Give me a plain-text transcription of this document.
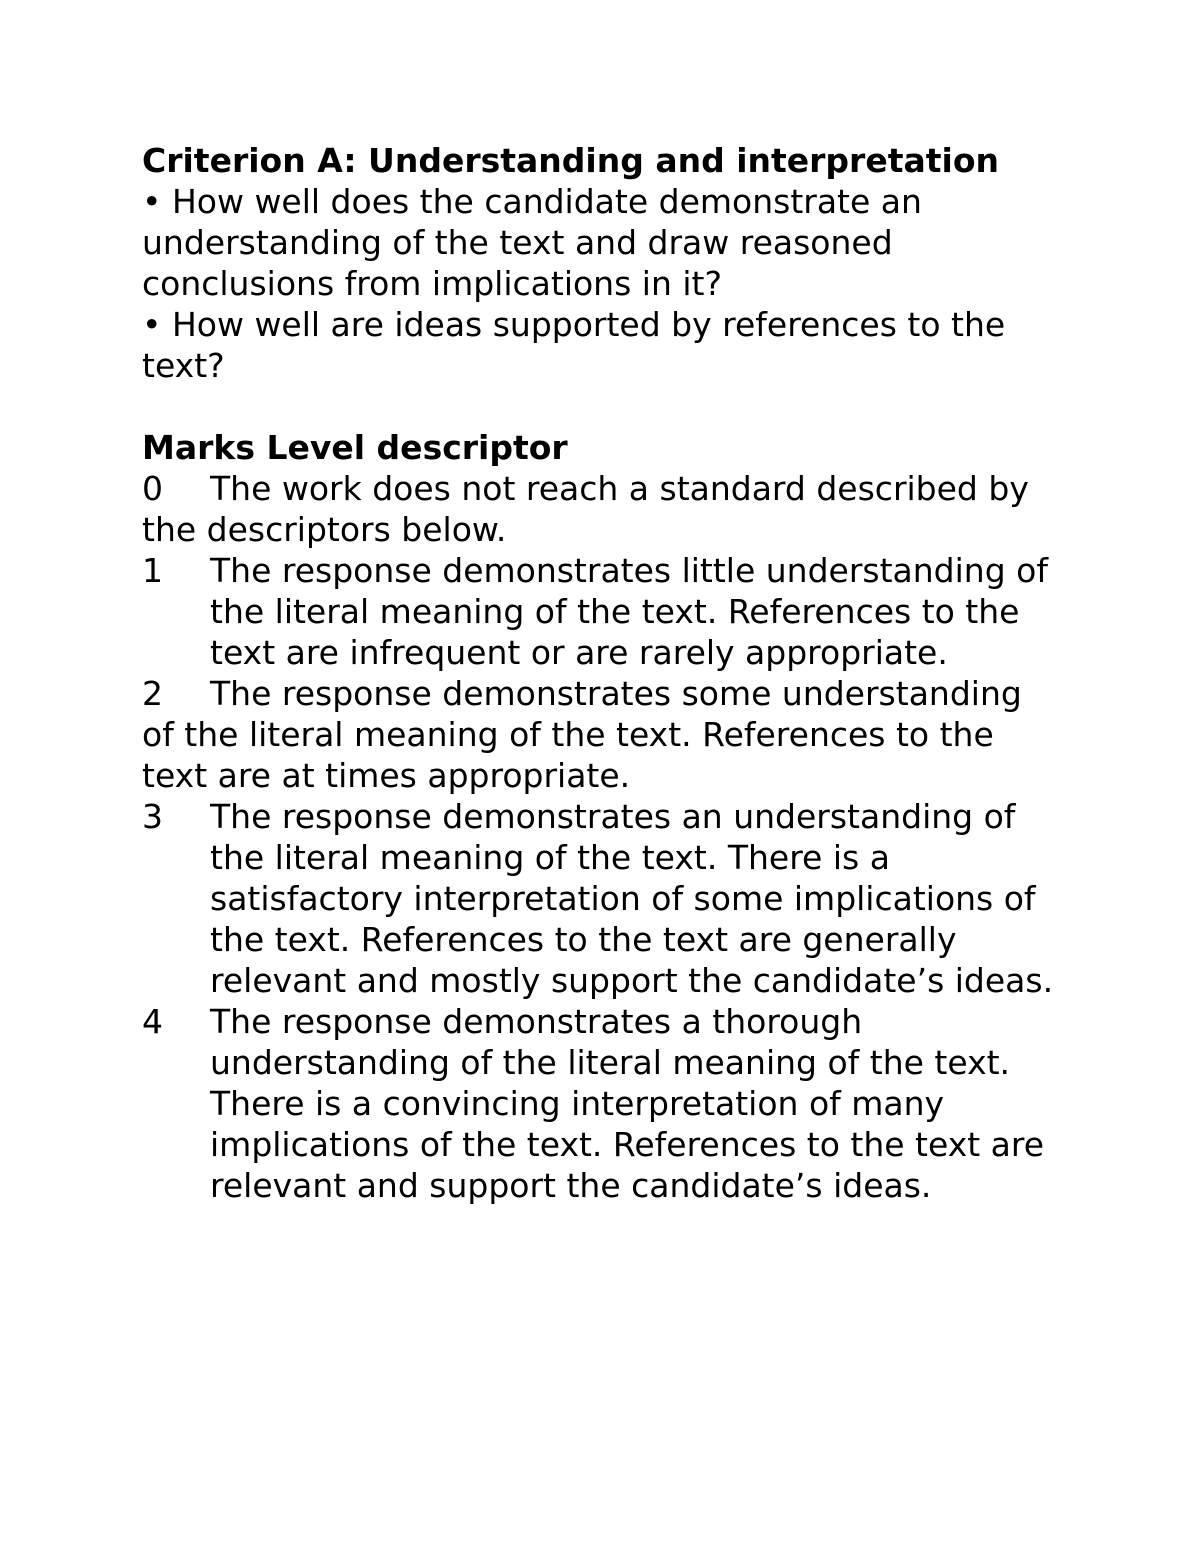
Criterion A: Understanding and interpretation

• How well does the candidate demonstrate an understanding of the text and draw reasoned conclusions from implications in it?

• How well are ideas supported by references to the text?

Marks Level descriptor

0 The work does not reach a standard described by the descriptors below.
1 The response demonstrates little understanding of the literal meaning of the text. References to the text are infrequent or are rarely appropriate.
2 The response demonstrates some understanding of the literal meaning of the text. References to the text are at times appropriate.
3 The response demonstrates an understanding of the literal meaning of the text. There is a satisfactory interpretation of some implications of the text. References to the text are generally relevant and mostly support the candidate’s ideas.
4 The response demonstrates a thorough understanding of the literal meaning of the text. There is a convincing interpretation of many implications of the text. References to the text are relevant and support the candidate’s ideas.
